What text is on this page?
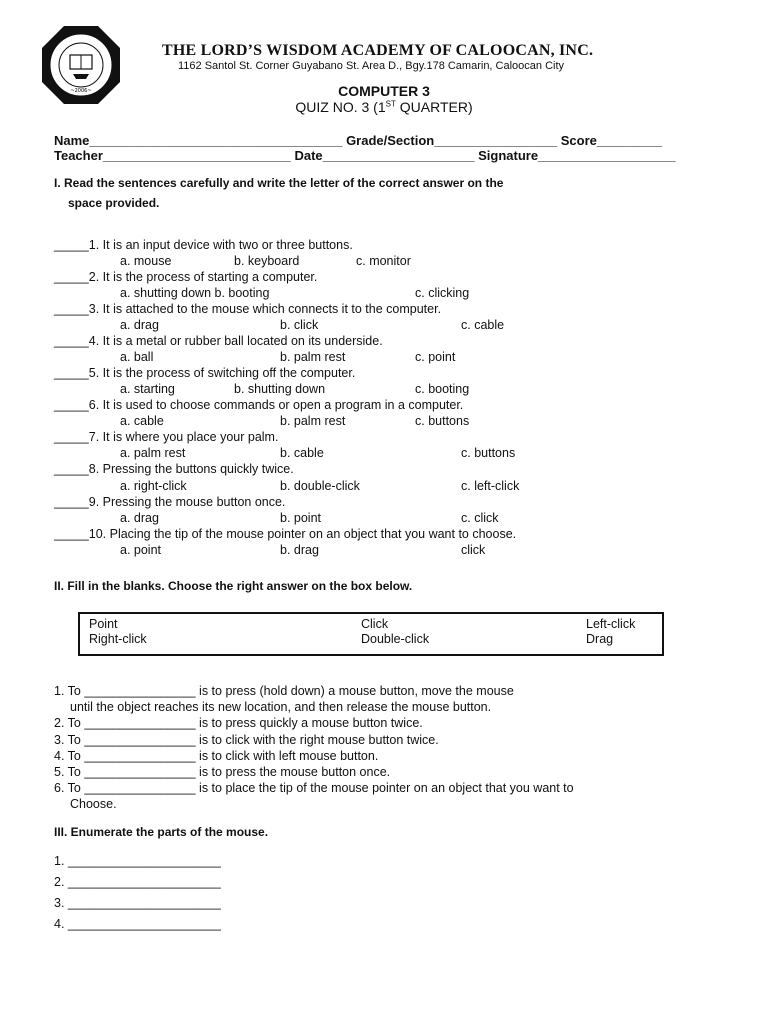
~2006~
THE LORD’S WISDOM ACADEMY OF CALOOCAN, INC.
1162 Santol St. Corner Guyabano St. Area D., Bgy.178 Camarin, Caloocan City
COMPUTER 3
QUIZ NO. 3 (1ST QUARTER)
Name___________________________________ Grade/Section_________________ Score_________
Teacher__________________________ Date_____________________ Signature___________________
I. Read the sentences carefully and write the letter of the correct answer on the
space provided.
_____1. It is an input device with two or three buttons.
a. mouse	b. keyboard	c. monitor
_____2. It is the process of starting a computer.
a. shutting down b. booting	c. clicking
_____3. It is attached to the mouse which connects it to the computer.
a. drag	b. click	c. cable
_____4. It is a metal or rubber ball located on its underside.
a. ball	b. palm rest	c. point
_____5. It is the process of switching off the computer.
a. starting	b. shutting down	c. booting
_____6. It is used to choose commands or open a program in a computer.
a. cable	b. palm rest	c. buttons
_____7. It is where you place your palm.
a. palm rest	b. cable	c. buttons
_____8. Pressing the buttons quickly twice.
a. right-click	b. double-click	c. left-click
_____9. Pressing the mouse button once.
a. drag	b. point	c. click
_____10. Placing the tip of the mouse pointer on an object that you want to choose.
a. point	b. drag	click
II. Fill in the blanks. Choose the right answer on the box below.
Point	Click	Left-click
Right-click	Double-click	Drag
1. To ________________ is to press (hold down) a mouse button, move the mouse
until the object reaches its new location, and then release the mouse button.
2. To ________________ is to press quickly a mouse button twice.
3. To ________________ is to click with the right mouse button twice.
4. To ________________ is to click with left mouse button.
5. To ________________ is to press the mouse button once.
6. To ________________ is to place the tip of the mouse pointer on an object that you want to
Choose.
III. Enumerate the parts of the mouse.
1. ______________________
2. ______________________
3. ______________________
4. ______________________
